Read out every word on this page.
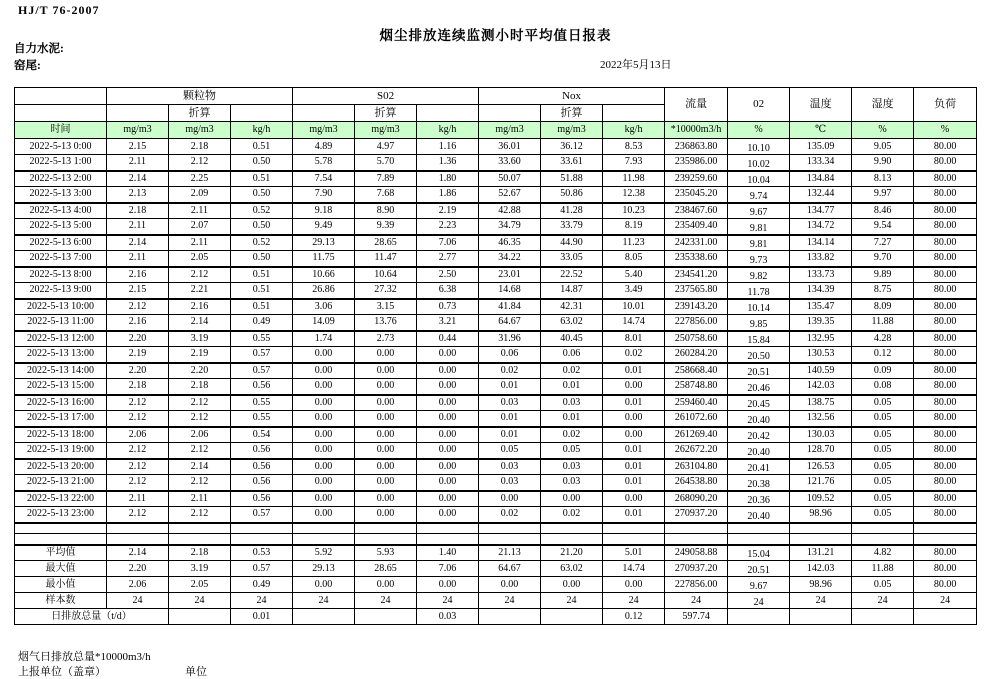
HJ/T 76-2007
烟尘排放连续监测小时平均值日报表
自力水泥:
窑尾:	2022年5月13日
	颗粒物			S02			Nox			流量	02	温度	湿度	负荷
		折算			折算			折算						
时间	mg/m3	mg/m3	kg/h	mg/m3	mg/m3	kg/h	mg/m3	mg/m3	kg/h	*10000m3/h	%	℃	%	%
2022-5-13 0:00	2.15	2.18	0.51	4.89	4.97	1.16	36.01	36.12	8.53	236863.80	10.10	135.09	9.05	80.00
2022-5-13 1:00	2.11	2.12	0.50	5.78	5.70	1.36	33.60	33.61	7.93	235986.00	10.02	133.34	9.90	80.00
2022-5-13 2:00	2.14	2.25	0.51	7.54	7.89	1.80	50.07	51.88	11.98	239259.60	10.04	134.84	8.13	80.00
2022-5-13 3:00	2.13	2.09	0.50	7.90	7.68	1.86	52.67	50.86	12.38	235045.20	9.74	132.44	9.97	80.00
2022-5-13 4:00	2.18	2.11	0.52	9.18	8.90	2.19	42.88	41.28	10.23	238467.60	9.67	134.77	8.46	80.00
2022-5-13 5:00	2.11	2.07	0.50	9.49	9.39	2.23	34.79	33.79	8.19	235409.40	9.81	134.72	9.54	80.00
2022-5-13 6:00	2.14	2.11	0.52	29.13	28.65	7.06	46.35	44.90	11.23	242331.00	9.81	134.14	7.27	80.00
2022-5-13 7:00	2.11	2.05	0.50	11.75	11.47	2.77	34.22	33.05	8.05	235338.60	9.73	133.82	9.70	80.00
2022-5-13 8:00	2.16	2.12	0.51	10.66	10.64	2.50	23.01	22.52	5.40	234541.20	9.82	133.73	9.89	80.00
2022-5-13 9:00	2.15	2.21	0.51	26.86	27.32	6.38	14.68	14.87	3.49	237565.80	11.78	134.39	8.75	80.00
2022-5-13 10:00	2.12	2.16	0.51	3.06	3.15	0.73	41.84	42.31	10.01	239143.20	10.14	135.47	8.09	80.00
2022-5-13 11:00	2.16	2.14	0.49	14.09	13.76	3.21	64.67	63.02	14.74	227856.00	9.85	139.35	11.88	80.00
2022-5-13 12:00	2.20	3.19	0.55	1.74	2.73	0.44	31.96	40.45	8.01	250758.60	15.84	132.95	4.28	80.00
2022-5-13 13:00	2.19	2.19	0.57	0.00	0.00	0.00	0.06	0.06	0.02	260284.20	20.50	130.53	0.12	80.00
2022-5-13 14:00	2.20	2.20	0.57	0.00	0.00	0.00	0.02	0.02	0.01	258668.40	20.51	140.59	0.09	80.00
2022-5-13 15:00	2.18	2.18	0.56	0.00	0.00	0.00	0.01	0.01	0.00	258748.80	20.46	142.03	0.08	80.00
2022-5-13 16:00	2.12	2.12	0.55	0.00	0.00	0.00	0.03	0.03	0.01	259460.40	20.45	138.75	0.05	80.00
2022-5-13 17:00	2.12	2.12	0.55	0.00	0.00	0.00	0.01	0.01	0.00	261072.60	20.40	132.56	0.05	80.00
2022-5-13 18:00	2.06	2.06	0.54	0.00	0.00	0.00	0.01	0.02	0.00	261269.40	20.42	130.03	0.05	80.00
2022-5-13 19:00	2.12	2.12	0.56	0.00	0.00	0.00	0.05	0.05	0.01	262672.20	20.40	128.70	0.05	80.00
2022-5-13 20:00	2.12	2.14	0.56	0.00	0.00	0.00	0.03	0.03	0.01	263104.80	20.41	126.53	0.05	80.00
2022-5-13 21:00	2.12	2.12	0.56	0.00	0.00	0.00	0.03	0.03	0.01	264538.80	20.38	121.76	0.05	80.00
2022-5-13 22:00	2.11	2.11	0.56	0.00	0.00	0.00	0.00	0.00	0.00	268090.20	20.36	109.52	0.05	80.00
2022-5-13 23:00	2.12	2.12	0.57	0.00	0.00	0.00	0.02	0.02	0.01	270937.20	20.40	98.96	0.05	80.00

平均值	2.14	2.18	0.53	5.92	5.93	1.40	21.13	21.20	5.01	249058.88	15.04	131.21	4.82	80.00
最大值	2.20	3.19	0.57	29.13	28.65	7.06	64.67	63.02	14.74	270937.20	20.51	142.03	11.88	80.00
最小值	2.06	2.05	0.49	0.00	0.00	0.00	0.00	0.00	0.00	227856.00	9.67	98.96	0.05	80.00
样本数	24	24	24	24	24	24	24	24	24	24	24	24	24	24
日排放总量（t/d）			0.01			0.03			0.12	597.74				
烟气日排放总量*10000m3/h
上报单位（盖章）	单位
